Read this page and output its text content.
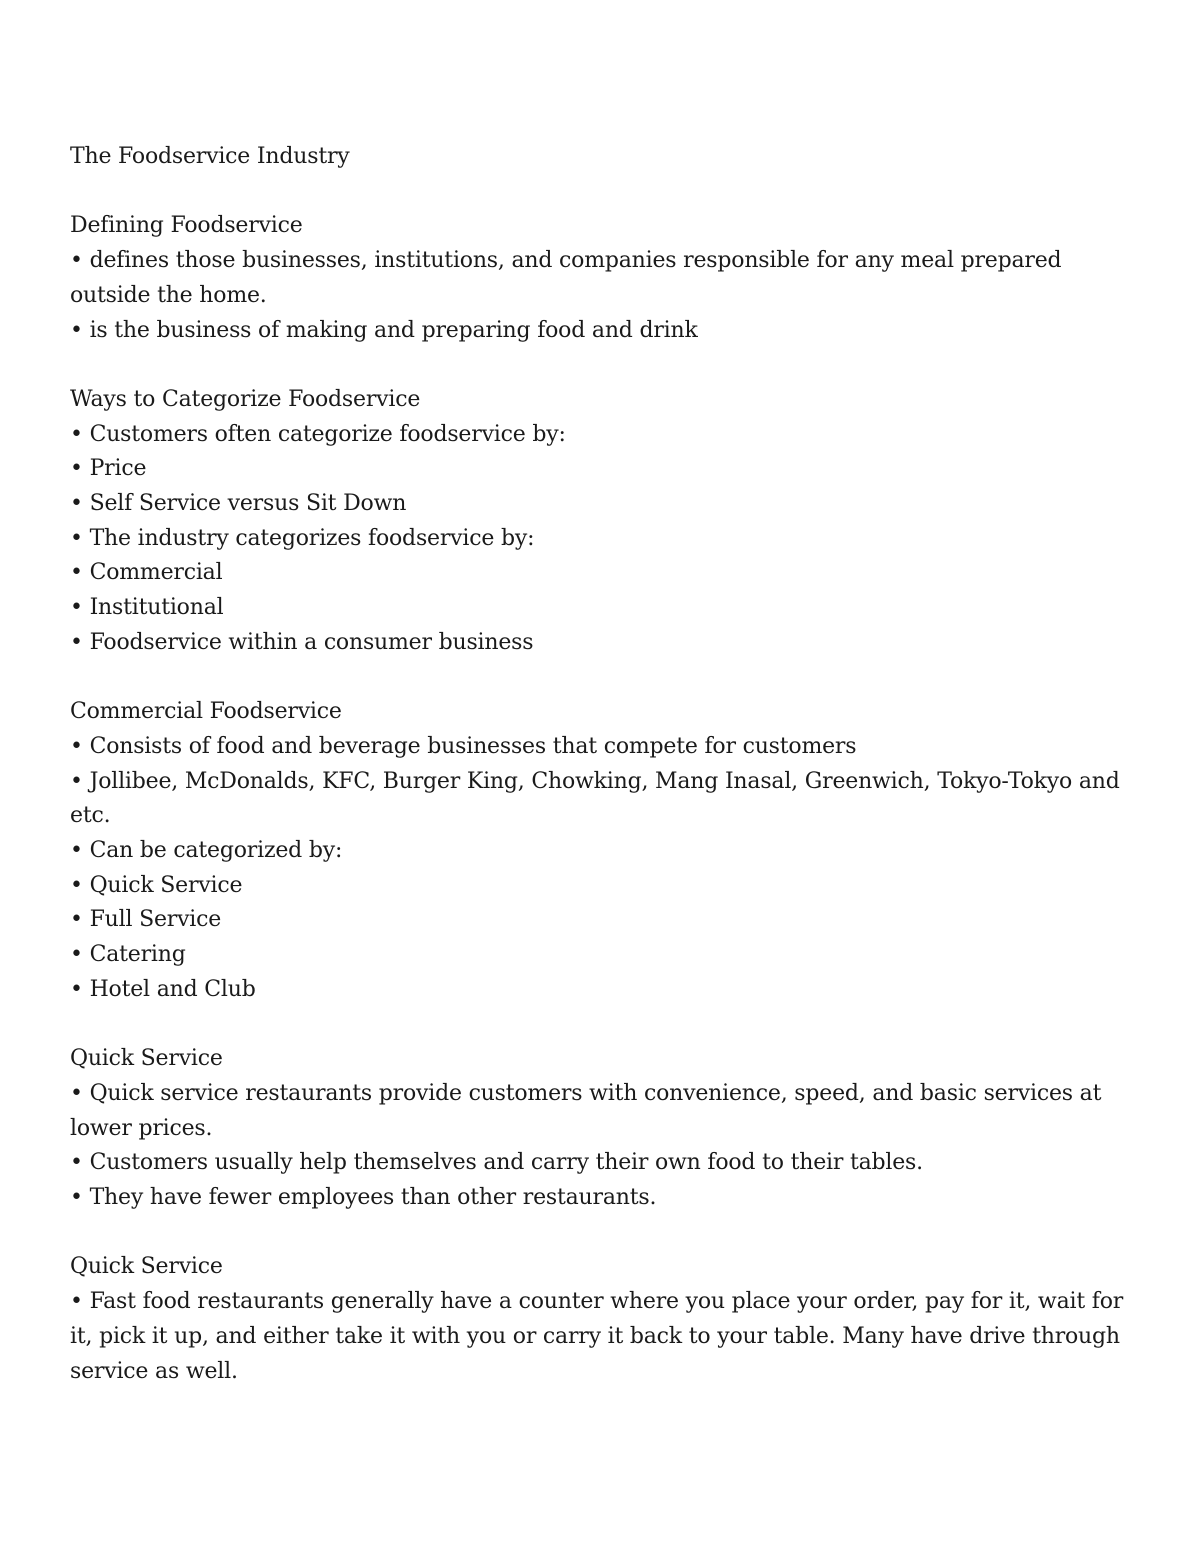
The Foodservice Industry

Defining Foodservice

• defines those businesses, institutions, and companies responsible for any meal prepared outside the home.

• is the business of making and preparing food and drink

Ways to Categorize Foodservice

• Customers often categorize foodservice by:

• Price

• Self Service versus Sit Down

• The industry categorizes foodservice by:

• Commercial

• Institutional

• Foodservice within a consumer business

Commercial Foodservice

• Consists of food and beverage businesses that compete for customers

• Jollibee, McDonalds, KFC, Burger King, Chowking, Mang Inasal, Greenwich, Tokyo-Tokyo and etc.

• Can be categorized by:

• Quick Service

• Full Service

• Catering

• Hotel and Club

Quick Service

• Quick service restaurants provide customers with convenience, speed, and basic services at lower prices.

• Customers usually help themselves and carry their own food to their tables.

• They have fewer employees than other restaurants.

Quick Service

• Fast food restaurants generally have a counter where you place your order, pay for it, wait for it, pick it up, and either take it with you or carry it back to your table. Many have drive through service as well.
